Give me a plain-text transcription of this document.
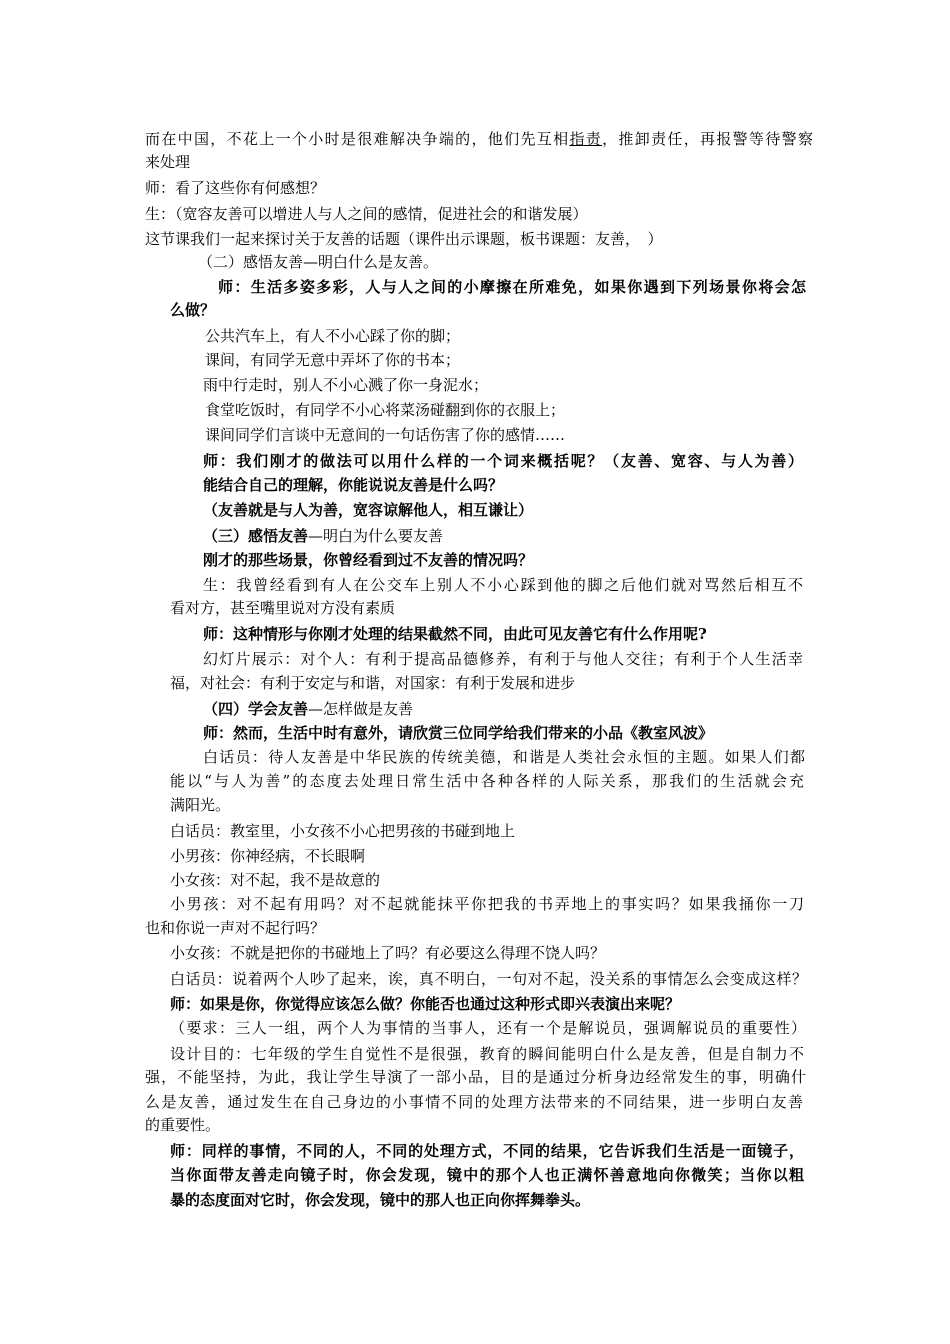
而在中国，不花上一个小时是很难解决争端的，他们先互相指责，推卸责任，再报警等待警察
来处理
师：看了这些你有何感想？
生：（宽容友善可以增进人与人之间的感情，促进社会的和谐发展）
这节课我们一起来探讨关于友善的话题（课件出示课题，板书课题：友善，　）
（二）感悟友善—明白什么是友善。
师：生活多姿多彩，人与人之间的小摩擦在所难免，如果你遇到下列场景你将会怎
么做？
公共汽车上，有人不小心踩了你的脚；
课间，有同学无意中弄坏了你的书本；
雨中行走时，别人不小心溅了你一身泥水；
食堂吃饭时，有同学不小心将菜汤碰翻到你的衣服上；
课间同学们言谈中无意间的一句话伤害了你的感情……
师：我们刚才的做法可以用什么样的一个词来概括呢？（友善、宽容、与人为善）
能结合自己的理解，你能说说友善是什么吗？
（友善就是与人为善，宽容谅解他人，相互谦让）
（三）感悟友善—明白为什么要友善
刚才的那些场景，你曾经看到过不友善的情况吗？
生：我曾经看到有人在公交车上别人不小心踩到他的脚之后他们就对骂然后相互不
看对方，甚至嘴里说对方没有素质
师：这种情形与你刚才处理的结果截然不同，由此可见友善它有什么作用呢?
幻灯片展示：对个人：有利于提高品德修养，有利于与他人交往；有利于个人生活幸
福，对社会：有利于安定与和谐，对国家：有利于发展和进步
（四）学会友善—怎样做是友善
师：然而，生活中时有意外，请欣赏三位同学给我们带来的小品《教室风波》
白话员：待人友善是中华民族的传统美德，和谐是人类社会永恒的主题。如果人们都
能以“与人为善”的态度去处理日常生活中各种各样的人际关系，那我们的生活就会充
满阳光。
白话员：教室里，小女孩不小心把男孩的书碰到地上
小男孩：你神经病，不长眼啊
小女孩：对不起，我不是故意的
小男孩：对不起有用吗？对不起就能抹平你把我的书弄地上的事实吗？如果我捅你一刀
也和你说一声对不起行吗？
小女孩：不就是把你的书碰地上了吗？有必要这么得理不饶人吗？
白话员：说着两个人吵了起来，诶，真不明白，一句对不起，没关系的事情怎么会变成这样？
师：如果是你，你觉得应该怎么做？你能否也通过这种形式即兴表演出来呢？
（要求：三人一组，两个人为事情的当事人，还有一个是解说员，强调解说员的重要性）
设计目的：七年级的学生自觉性不是很强，教育的瞬间能明白什么是友善，但是自制力不
强，不能坚持，为此，我让学生导演了一部小品，目的是通过分析身边经常发生的事，明确什
么是友善，通过发生在自己身边的小事情不同的处理方法带来的不同结果，进一步明白友善
的重要性。
师：同样的事情，不同的人，不同的处理方式，不同的结果，它告诉我们生活是一面镜子，
当你面带友善走向镜子时，你会发现，镜中的那个人也正满怀善意地向你微笑；当你以粗
暴的态度面对它时，你会发现，镜中的那人也正向你挥舞拳头。
